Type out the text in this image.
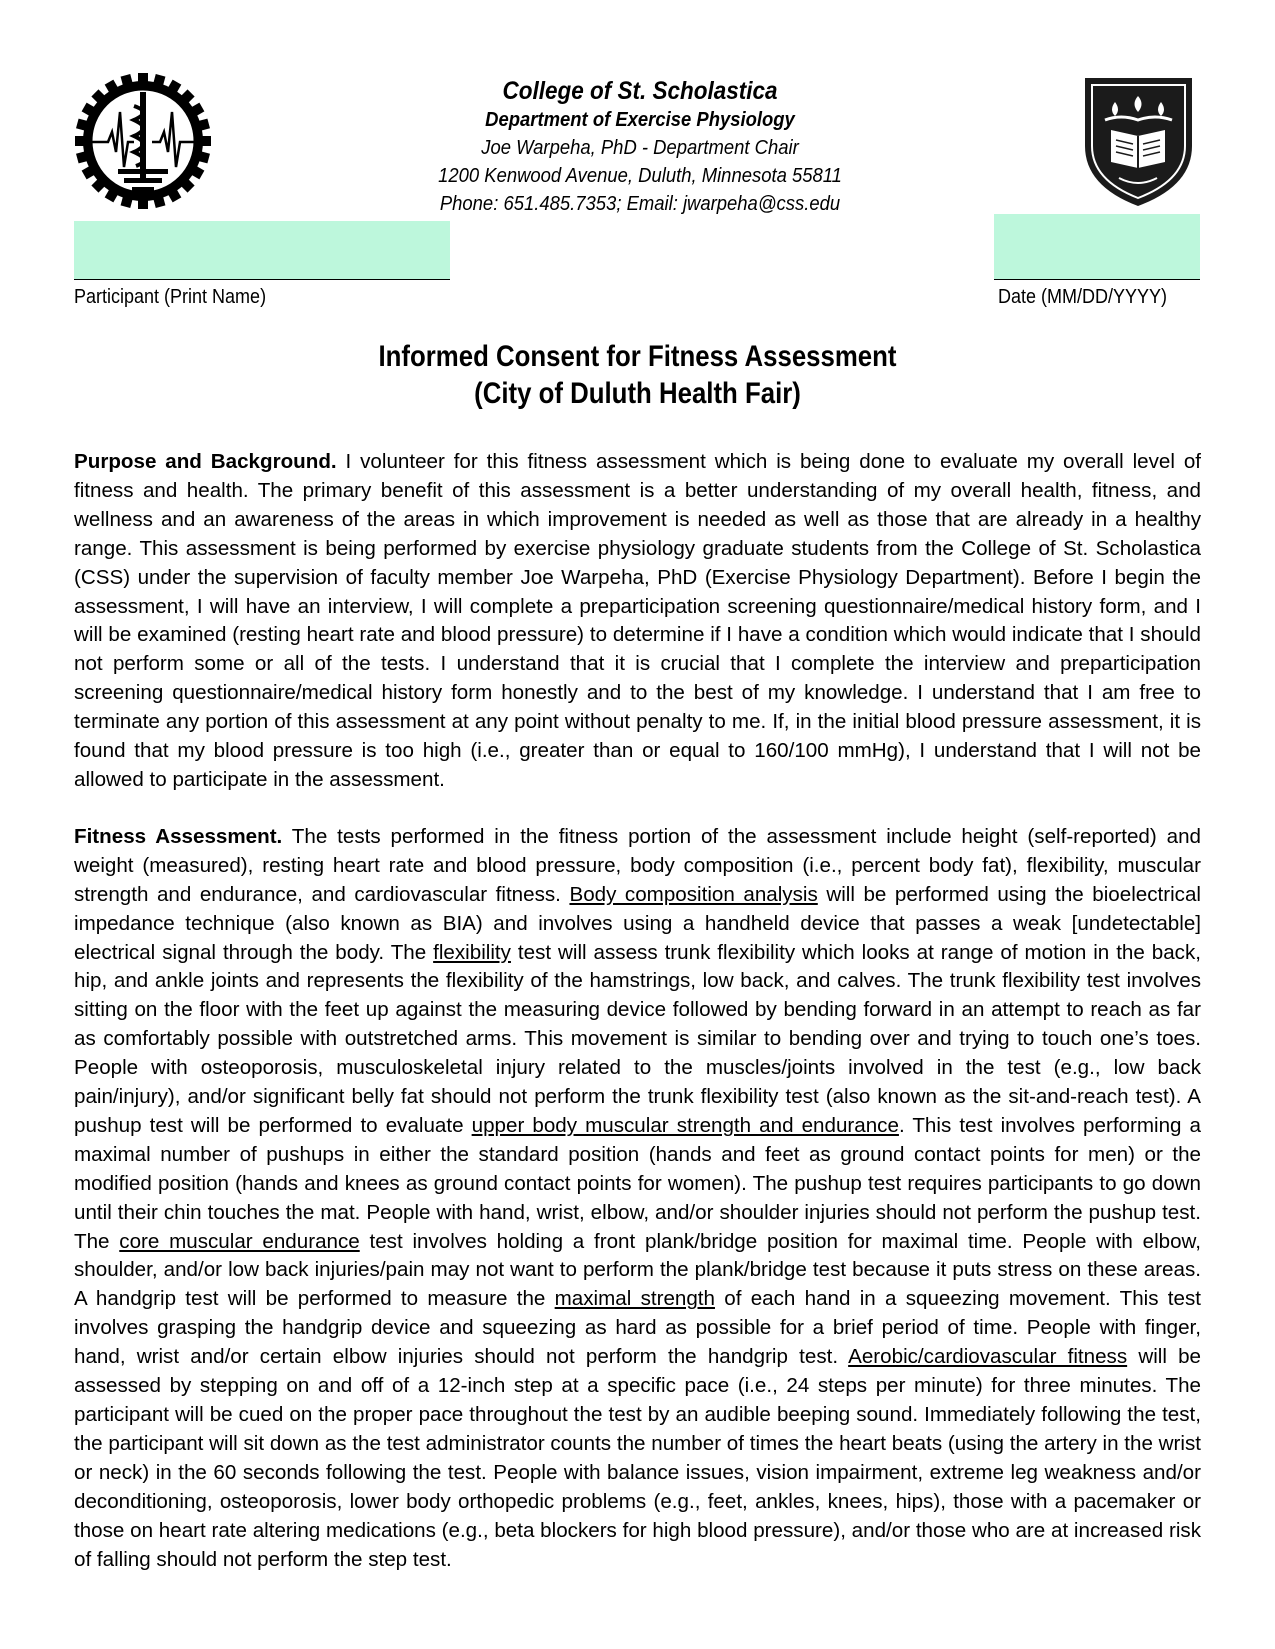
College of St. Scholastica
Department of Exercise Physiology
Joe Warpeha, PhD - Department Chair
1200 Kenwood Avenue, Duluth, Minnesota 55811
Phone: 651.485.7353; Email: jwarpeha@css.edu
Participant (Print Name)	Date (MM/DD/YYYY)
Informed Consent for Fitness Assessment
(City of Duluth Health Fair)

Purpose and Background. I volunteer for this fitness assessment which is being done to evaluate my overall level of fitness and health. The primary benefit of this assessment is a better understanding of my overall health, fitness, and wellness and an awareness of the areas in which improvement is needed as well as those that are already in a healthy range. This assessment is being performed by exercise physiology graduate students from the College of St. Scholastica (CSS) under the supervision of faculty member Joe Warpeha, PhD (Exercise Physiology Department). Before I begin the assessment, I will have an interview, I will complete a preparticipation screening questionnaire/medical history form, and I will be examined (resting heart rate and blood pressure) to determine if I have a condition which would indicate that I should not perform some or all of the tests. I understand that it is crucial that I complete the interview and preparticipation screening questionnaire/medical history form honestly and to the best of my knowledge. I understand that I am free to terminate any portion of this assessment at any point without penalty to me. If, in the initial blood pressure assessment, it is found that my blood pressure is too high (i.e., greater than or equal to 160/100 mmHg), I understand that I will not be allowed to participate in the assessment.

Fitness Assessment. The tests performed in the fitness portion of the assessment include height (self-reported) and weight (measured), resting heart rate and blood pressure, body composition (i.e., percent body fat), flexibility, muscular strength and endurance, and cardiovascular fitness. Body composition analysis will be performed using the bioelectrical impedance technique (also known as BIA) and involves using a handheld device that passes a weak [undetectable] electrical signal through the body. The flexibility test will assess trunk flexibility which looks at range of motion in the back, hip, and ankle joints and represents the flexibility of the hamstrings, low back, and calves. The trunk flexibility test involves sitting on the floor with the feet up against the measuring device followed by bending forward in an attempt to reach as far as comfortably possible with outstretched arms. This movement is similar to bending over and trying to touch one’s toes. People with osteoporosis, musculoskeletal injury related to the muscles/joints involved in the test (e.g., low back pain/injury), and/or significant belly fat should not perform the trunk flexibility test (also known as the sit-and-reach test). A pushup test will be performed to evaluate upper body muscular strength and endurance. This test involves performing a maximal number of pushups in either the standard position (hands and feet as ground contact points for men) or the modified position (hands and knees as ground contact points for women). The pushup test requires participants to go down until their chin touches the mat. People with hand, wrist, elbow, and/or shoulder injuries should not perform the pushup test. The core muscular endurance test involves holding a front plank/bridge position for maximal time. People with elbow, shoulder, and/or low back injuries/pain may not want to perform the plank/bridge test because it puts stress on these areas. A handgrip test will be performed to measure the maximal strength of each hand in a squeezing movement. This test involves grasping the handgrip device and squeezing as hard as possible for a brief period of time. People with finger, hand, wrist and/or certain elbow injuries should not perform the handgrip test. Aerobic/cardiovascular fitness will be assessed by stepping on and off of a 12-inch step at a specific pace (i.e., 24 steps per minute) for three minutes. The participant will be cued on the proper pace throughout the test by an audible beeping sound. Immediately following the test, the participant will sit down as the test administrator counts the number of times the heart beats (using the artery in the wrist or neck) in the 60 seconds following the test. People with balance issues, vision impairment, extreme leg weakness and/or deconditioning, osteoporosis, lower body orthopedic problems (e.g., feet, ankles, knees, hips), those with a pacemaker or those on heart rate altering medications (e.g., beta blockers for high blood pressure), and/or those who are at increased risk of falling should not perform the step test.
